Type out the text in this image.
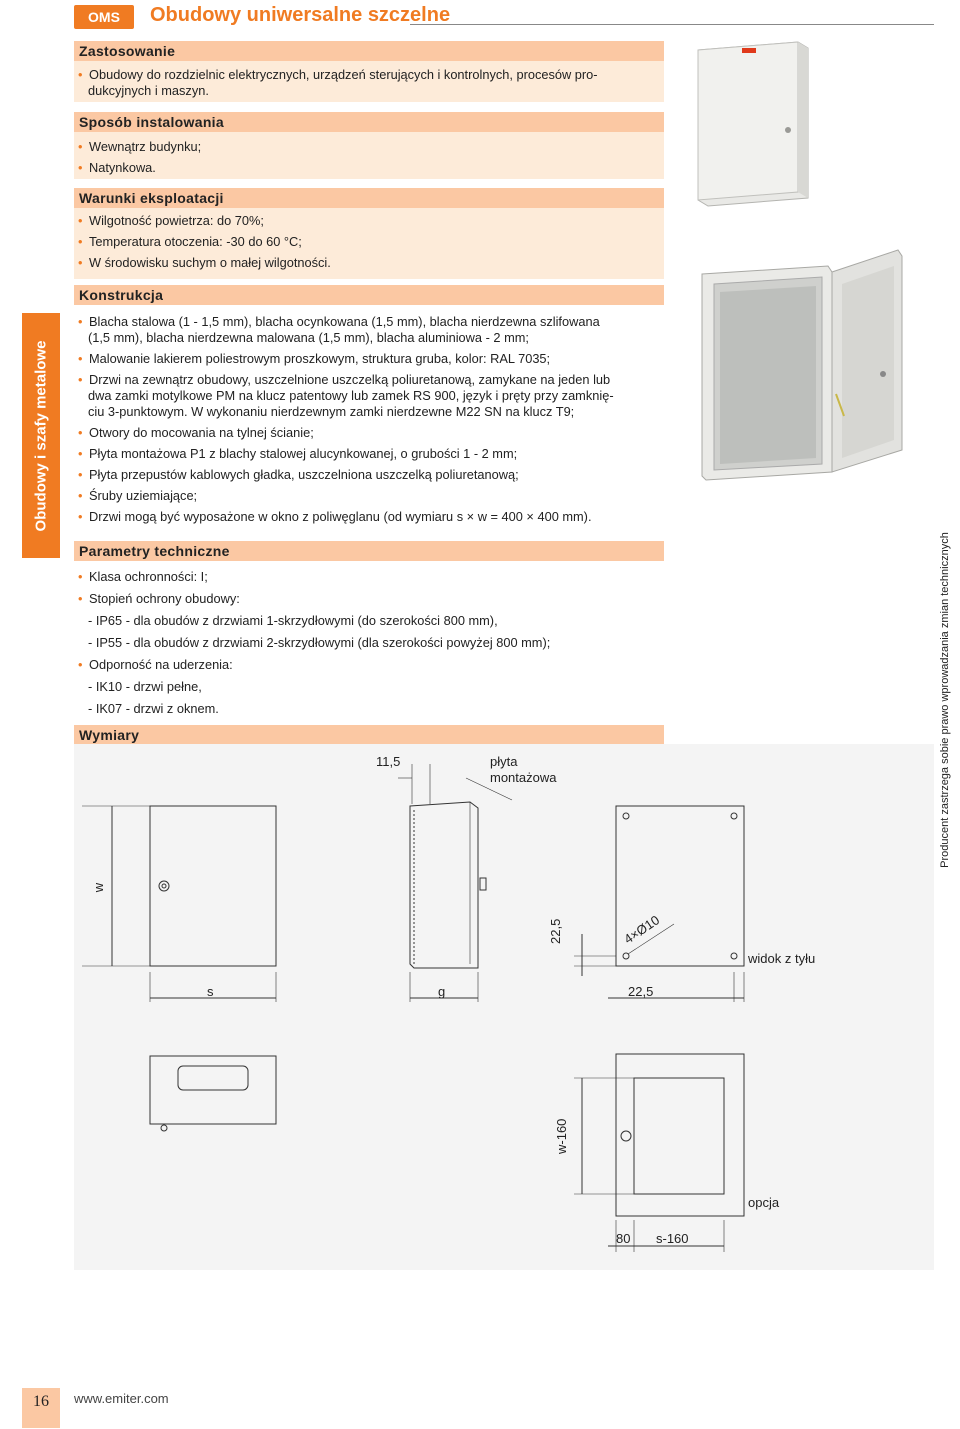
OMS	Obudowy uniwersalne szczelne
Obudowy i szafy metalowe
Producent zastrzega sobie prawo wprowadzania zmian technicznych
Zastosowanie
• Obudowy do rozdzielnic elektrycznych, urządzeń sterujących i kontrolnych, procesów pro-
dukcyjnych i maszyn.
Sposób instalowania
• Wewnątrz budynku;
• Natynkowa.
Warunki eksploatacji
• Wilgotność powietrza: do 70%;
• Temperatura otoczenia: -30 do 60 °C;
• W środowisku suchym o małej wilgotności.
Konstrukcja
• Blacha stalowa (1 - 1,5 mm), blacha ocynkowana (1,5 mm), blacha nierdzewna szlifowana
(1,5 mm), blacha nierdzewna malowana (1,5 mm), blacha aluminiowa - 2 mm;
• Malowanie lakierem poliestrowym proszkowym, struktura gruba, kolor: RAL 7035;
• Drzwi na zewnątrz obudowy, uszczelnione uszczelką poliuretanową, zamykane na jeden lub
dwa zamki motylkowe PM na klucz patentowy lub zamek RS 900, język i pręty przy zamknię-
ciu 3-punktowym. W wykonaniu nierdzewnym zamki nierdzewne M22 SN na klucz T9;
• Otwory do mocowania na tylnej ścianie;
• Płyta montażowa P1 z blachy stalowej alucynkowanej, o grubości 1 - 2 mm;
• Płyta przepustów kablowych gładka, uszczelniona uszczelką poliuretanową;
• Śruby uziemiające;
• Drzwi mogą być wyposażone w okno z poliwęglanu (od wymiaru s × w = 400 × 400 mm).
Parametry techniczne
• Klasa ochronności: I;
• Stopień ochrony obudowy:
- IP65 - dla obudów z drzwiami 1-skrzydłowymi (do szerokości 800 mm),
- IP55 - dla obudów z drzwiami 2-skrzydłowymi (dla szerokości powyżej 800 mm);
• Odporność na uderzenia:
- IK10 - drzwi pełne,
- IK07 - drzwi z oknem.
Wymiary
11,5	płyta
montażowa
w
s	g
22,5
22,5
4×Ø10
widok z tyłu
w-160
opcja
80 s-160
16	www.emiter.com
